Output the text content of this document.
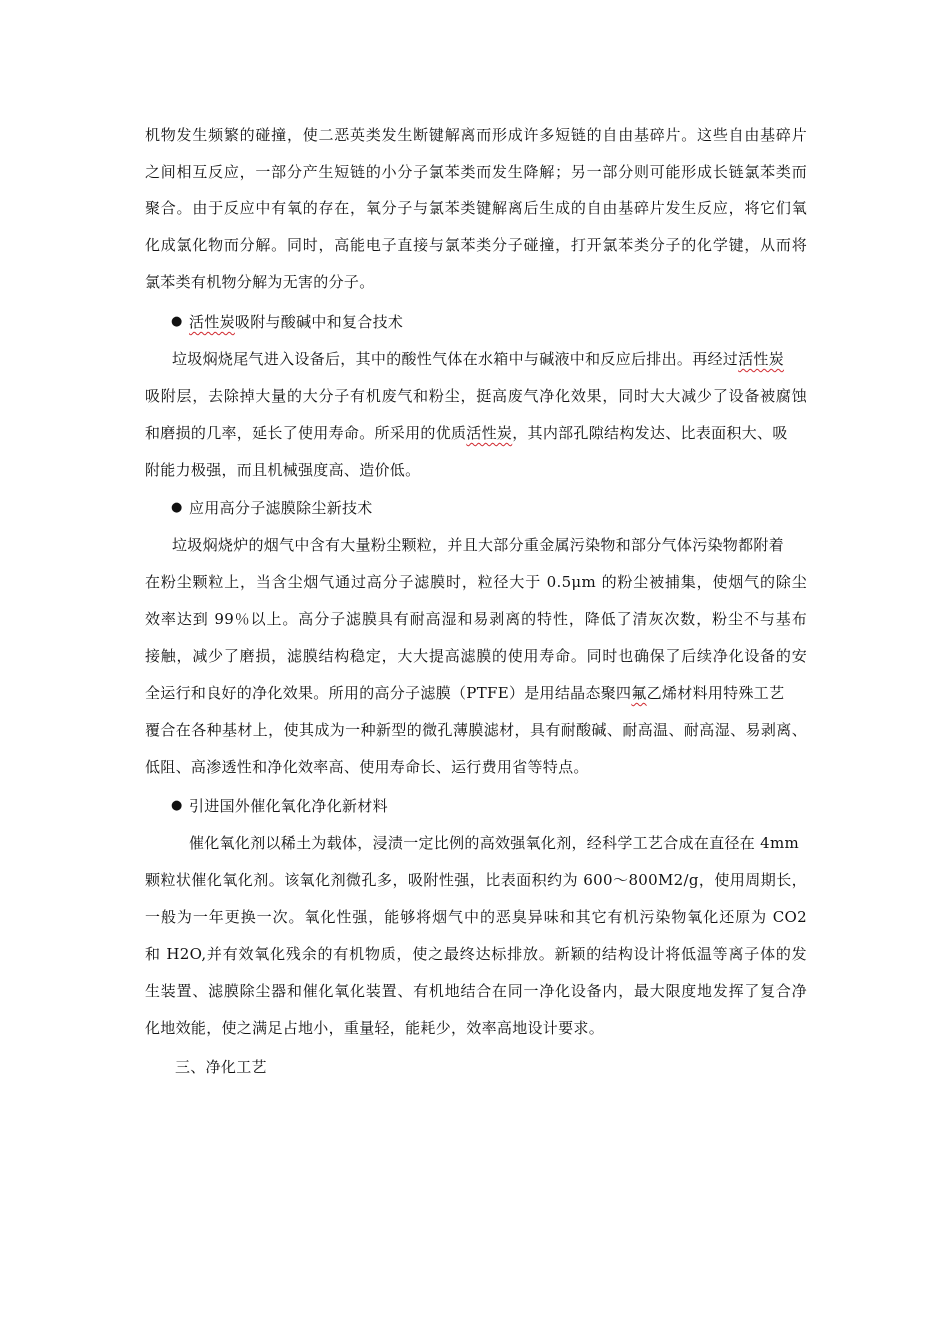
机物发生频繁的碰撞，使二恶英类发生断键解离而形成许多短链的自由基碎片。这些自由基碎片
之间相互反应，一部分产生短链的小分子氯苯类而发生降解；另一部分则可能形成长链氯苯类而
聚合。由于反应中有氧的存在，氧分子与氯苯类键解离后生成的自由基碎片发生反应，将它们氧
化成氯化物而分解。同时，高能电子直接与氯苯类分子碰撞，打开氯苯类分子的化学键，从而将
氯苯类有机物分解为无害的分子。
● 活性炭吸附与酸碱中和复合技术
垃圾焖烧尾气进入设备后，其中的酸性气体在水箱中与碱液中和反应后排出。再经过活性炭
吸附层，去除掉大量的大分子有机废气和粉尘，挺高废气净化效果，同时大大减少了设备被腐蚀
和磨损的几率，延长了使用寿命。所采用的优质活性炭，其内部孔隙结构发达、比表面积大、吸
附能力极强，而且机械强度高、造价低。
● 应用高分子滤膜除尘新技术
垃圾焖烧炉的烟气中含有大量粉尘颗粒，并且大部分重金属污染物和部分气体污染物都附着
在粉尘颗粒上，当含尘烟气通过高分子滤膜时，粒径大于 0.5μm 的粉尘被捕集，使烟气的除尘
效率达到 99％以上。高分子滤膜具有耐高湿和易剥离的特性，降低了清灰次数，粉尘不与基布
接触，减少了磨损，滤膜结构稳定，大大提高滤膜的使用寿命。同时也确保了后续净化设备的安
全运行和良好的净化效果。所用的高分子滤膜（PTFE）是用结晶态聚四氟乙烯材料用特殊工艺
覆合在各种基材上，使其成为一种新型的微孔薄膜滤材，具有耐酸碱、耐高温、耐高湿、易剥离、
低阻、高渗透性和净化效率高、使用寿命长、运行费用省等特点。
● 引进国外催化氧化净化新材料
催化氧化剂以稀土为载体，浸渍一定比例的高效强氧化剂，经科学工艺合成在直径在 4mm
颗粒状催化氧化剂。该氧化剂微孔多，吸附性强，比表面积约为 600～800M2/g，使用周期长，
一般为一年更换一次。氧化性强，能够将烟气中的恶臭异味和其它有机污染物氧化还原为 CO2
和 H2O,并有效氧化残余的有机物质，使之最终达标排放。新颖的结构设计将低温等离子体的发
生装置、滤膜除尘器和催化氧化装置、有机地结合在同一净化设备内，最大限度地发挥了复合净
化地效能，使之满足占地小，重量轻，能耗少，效率高地设计要求。
三、净化工艺
